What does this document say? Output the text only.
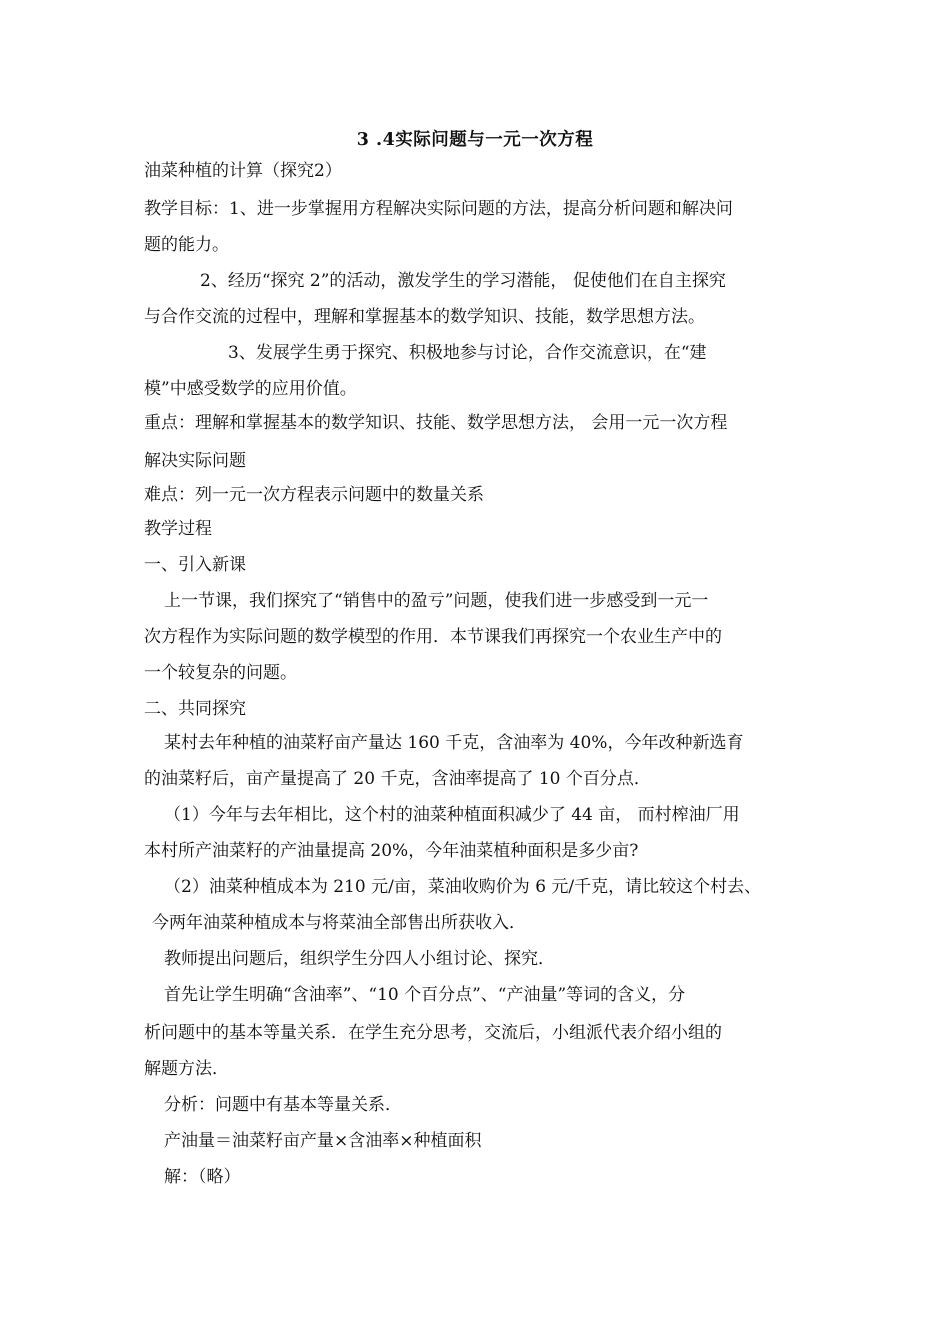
3 .4实际问题与一元一次方程
油菜种植的计算（探究2）
教学目标：1、进一步掌握用方程解决实际问题的方法，提高分析问题和解决问
题的能力。
2、经历“探究 2”的活动，激发学生的学习潜能， 促使他们在自主探究
与合作交流的过程中，理解和掌握基本的数学知识、技能，数学思想方法。
3、发展学生勇于探究、积极地参与讨论，合作交流意识，在“建
模”中感受数学的应用价值。
重点：理解和掌握基本的数学知识、技能、数学思想方法， 会用一元一次方程
解决实际问题
难点：列一元一次方程表示问题中的数量关系
教学过程
一、引入新课
上一节课，我们探究了“销售中的盈亏”问题，使我们进一步感受到一元一
次方程作为实际问题的数学模型的作用．本节课我们再探究一个农业生产中的
一个较复杂的问题。
二、共同探究
某村去年种植的油菜籽亩产量达 160 千克，含油率为 40%，今年改种新选育
的油菜籽后，亩产量提高了 20 千克，含油率提高了 10 个百分点．
（1）今年与去年相比，这个村的油菜种植面积减少了 44 亩， 而村榨油厂用
本村所产油菜籽的产油量提高 20%，今年油菜植种面积是多少亩?
（2）油菜种植成本为 210 元/亩，菜油收购价为 6 元/千克，请比较这个村去、
今两年油菜种植成本与将菜油全部售出所获收入．
教师提出问题后，组织学生分四人小组讨论、探究．
首先让学生明确“含油率”、“10 个百分点”、“产油量”等词的含义，分
析问题中的基本等量关系．在学生充分思考，交流后，小组派代表介绍小组的
解题方法．
分析：问题中有基本等量关系．
产油量＝油菜籽亩产量×含油率×种植面积
解：（略）
